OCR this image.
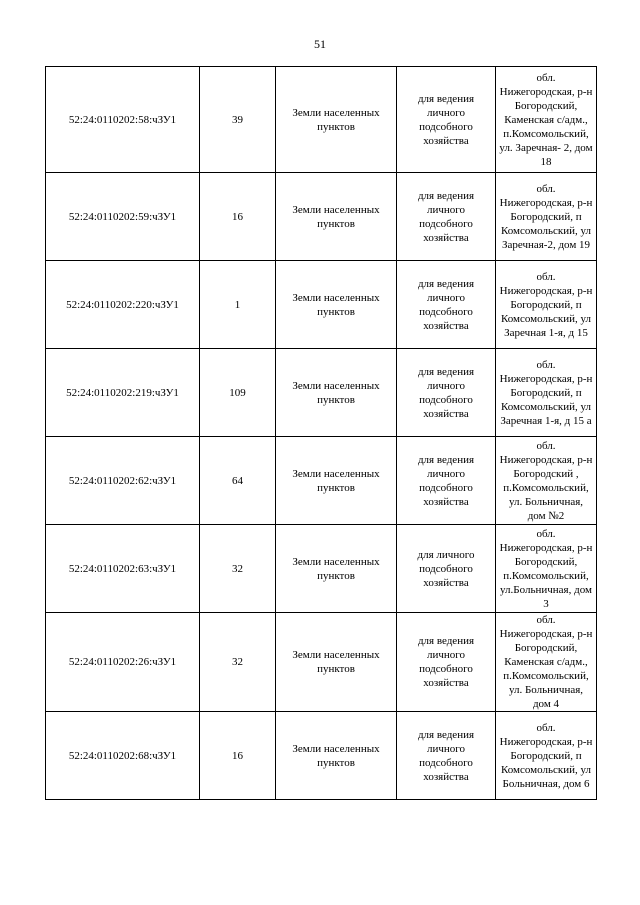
51
52:24:0110202:58:чЗУ1	39	Земли населенных пунктов	для ведения личного подсобного хозяйства	обл. Нижегородская, р-н Богородский, Каменская с/адм., п.Комсомольский, ул. Заречная- 2, дом 18
52:24:0110202:59:чЗУ1	16	Земли населенных пунктов	для ведения личного подсобного хозяйства	обл. Нижегородская, р-н Богородский, п Комсомольский, ул Заречная-2, дом 19
52:24:0110202:220:чЗУ1	1	Земли населенных пунктов	для ведения личного подсобного хозяйства	обл. Нижегородская, р-н Богородский, п Комсомольский, ул Заречная 1-я, д 15
52:24:0110202:219:чЗУ1	109	Земли населенных пунктов	для ведения личного подсобного хозяйства	обл. Нижегородская, р-н Богородский, п Комсомольский, ул Заречная 1-я, д 15 а
52:24:0110202:62:чЗУ1	64	Земли населенных пунктов	для ведения личного подсобного хозяйства	обл. Нижегородская, р-н Богородский , п.Комсомольский, ул. Больничная, дом №2
52:24:0110202:63:чЗУ1	32	Земли населенных пунктов	для личного подсобного хозяйства	обл. Нижегородская, р-н Богородский, п.Комсомольский, ул.Больничная, дом 3
52:24:0110202:26:чЗУ1	32	Земли населенных пунктов	для ведения личного подсобного хозяйства	обл. Нижегородская, р-н Богородский, Каменская с/адм., п.Комсомольский, ул. Больничная, дом 4
52:24:0110202:68:чЗУ1	16	Земли населенных пунктов	для ведения личного подсобного хозяйства	обл. Нижегородская, р-н Богородский, п Комсомольский, ул Больничная, дом 6
